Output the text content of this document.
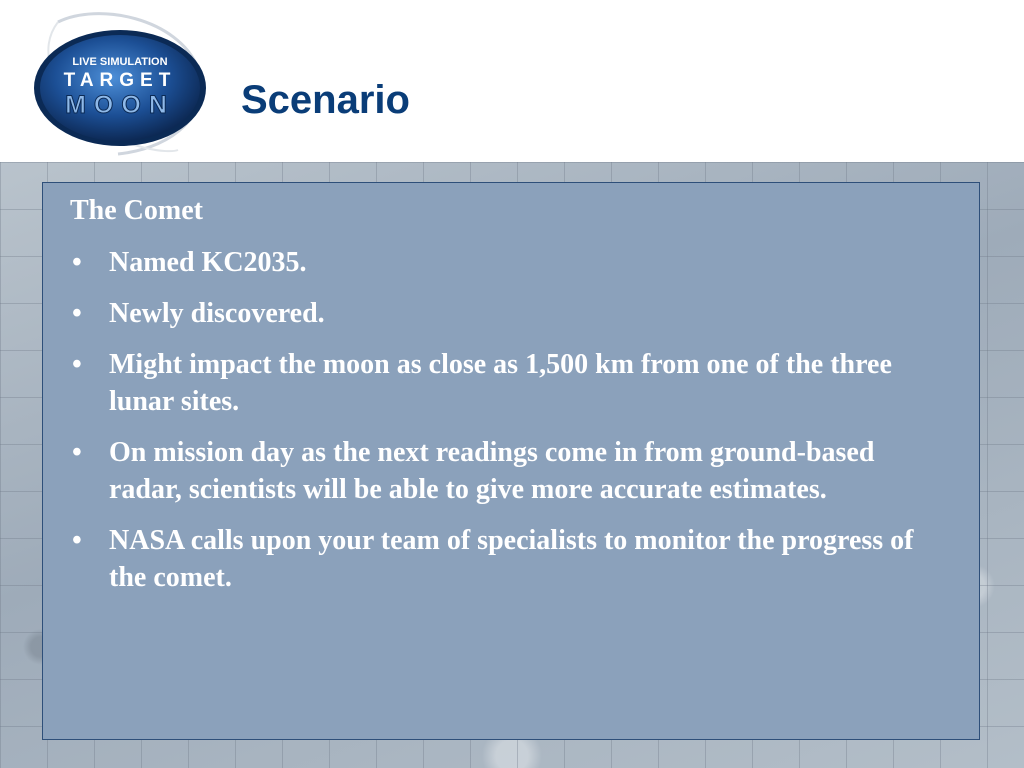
LIVE SIMULATION
TARGET
MOON Scenario

The Comet

• Named KC2035.
• Newly discovered.
• Might impact the moon as close as 1,500 km from one of the three lunar sites.
• On mission day as the next readings come in from ground-based radar, scientists will be able to give more accurate estimates.
• NASA calls upon your team of specialists to monitor the progress of the comet.
